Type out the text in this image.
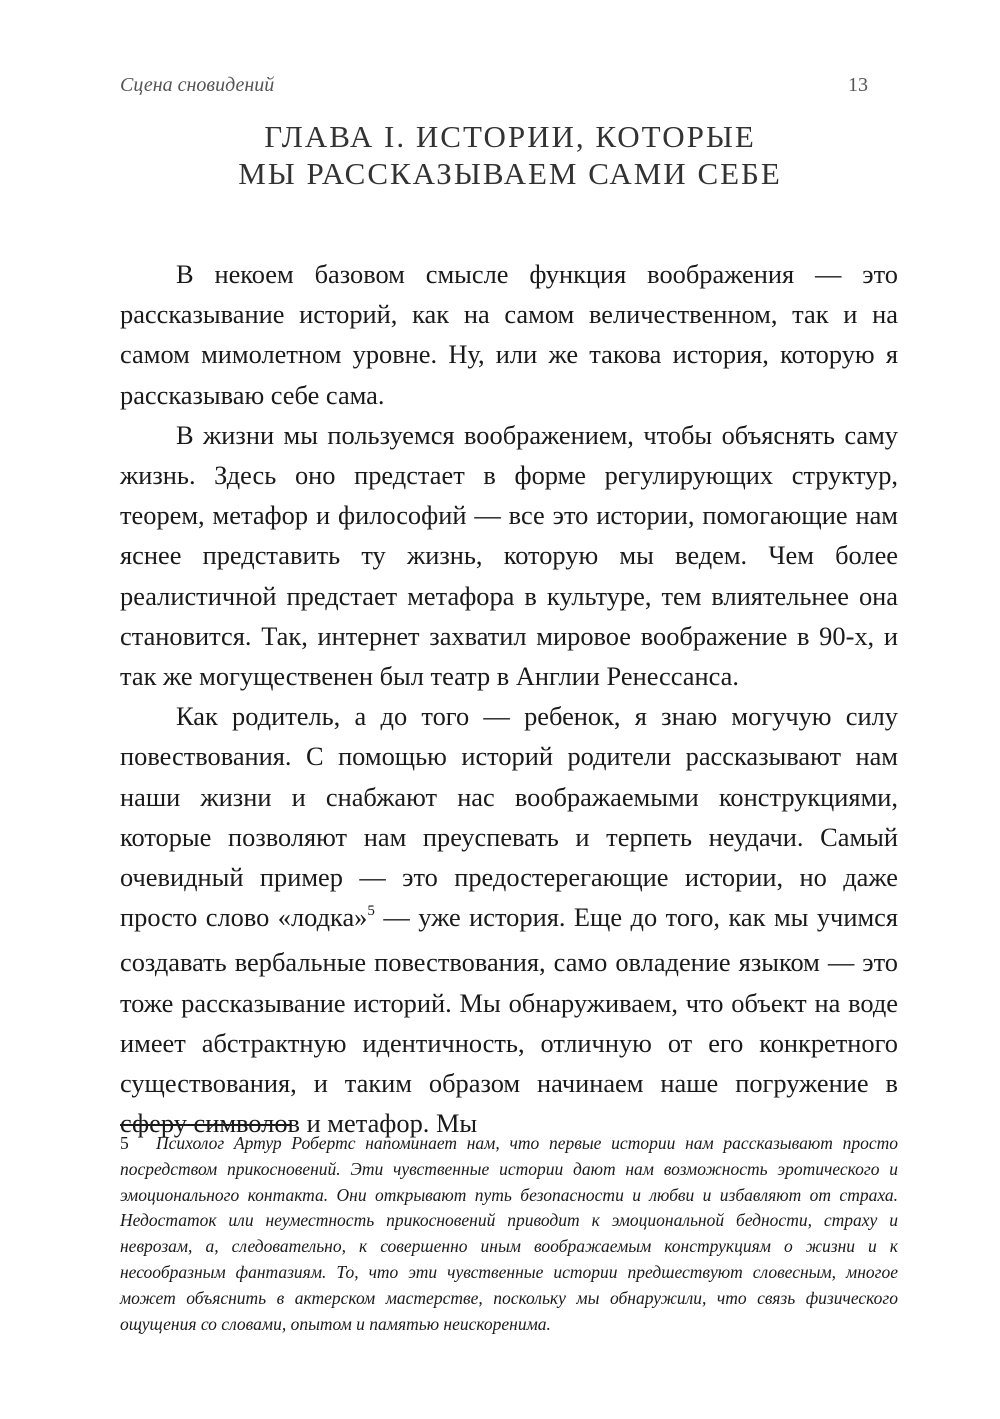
Сцена сновидений	13
ГЛАВА I. ИСТОРИИ, КОТОРЫЕ
МЫ РАССКАЗЫВАЕМ САМИ СЕБЕ

В некоем базовом смысле функция воображения — это рассказывание историй, как на самом величественном, так и на самом мимолетном уровне. Ну, или же такова история, которую я рассказываю себе сама.

В жизни мы пользуемся воображением, чтобы объяснять саму жизнь. Здесь оно предстает в форме регулирующих структур, теорем, метафор и философий — все это истории, помогающие нам яснее представить ту жизнь, которую мы ведем. Чем более реалистичной предстает метафора в культуре, тем влиятельнее она становится. Так, интернет захватил мировое воображение в 90-х, и так же могущественен был театр в Англии Ренессанса.

Как родитель, а до того — ребенок, я знаю могучую силу повествования. С помощью историй родители рассказывают нам наши жизни и снабжают нас воображаемыми конструкциями, которые позволяют нам преуспевать и терпеть неудачи. Самый очевидный пример — это предостерегающие истории, но даже просто слово «лодка»$^5$ — уже история. Еще до того, как мы учимся создавать вербальные повествования, само овладение языком — это тоже рассказывание историй. Мы обнаруживаем, что объект на воде имеет абстрактную идентичность, отличную от его конкретного существования, и таким образом начинаем наше погружение в сферу символов и метафор. Мы

5 Психолог Артур Робертс напоминает нам, что первые истории нам рассказывают просто посредством прикосновений. Эти чувственные истории дают нам возможность эротического и эмоционального контакта. Они открывают путь безопасности и любви и избавляют от страха. Недостаток или неуместность прикосновений приводит к эмоциональной бедности, страху и неврозам, а, следовательно, к совершенно иным воображаемым конструкциям о жизни и к несообразным фантазиям. То, что эти чувственные истории предшествуют словесным, многое может объяснить в актерском мастерстве, поскольку мы обнаружили, что связь физического ощущения со словами, опытом и памятью неискоренима.
